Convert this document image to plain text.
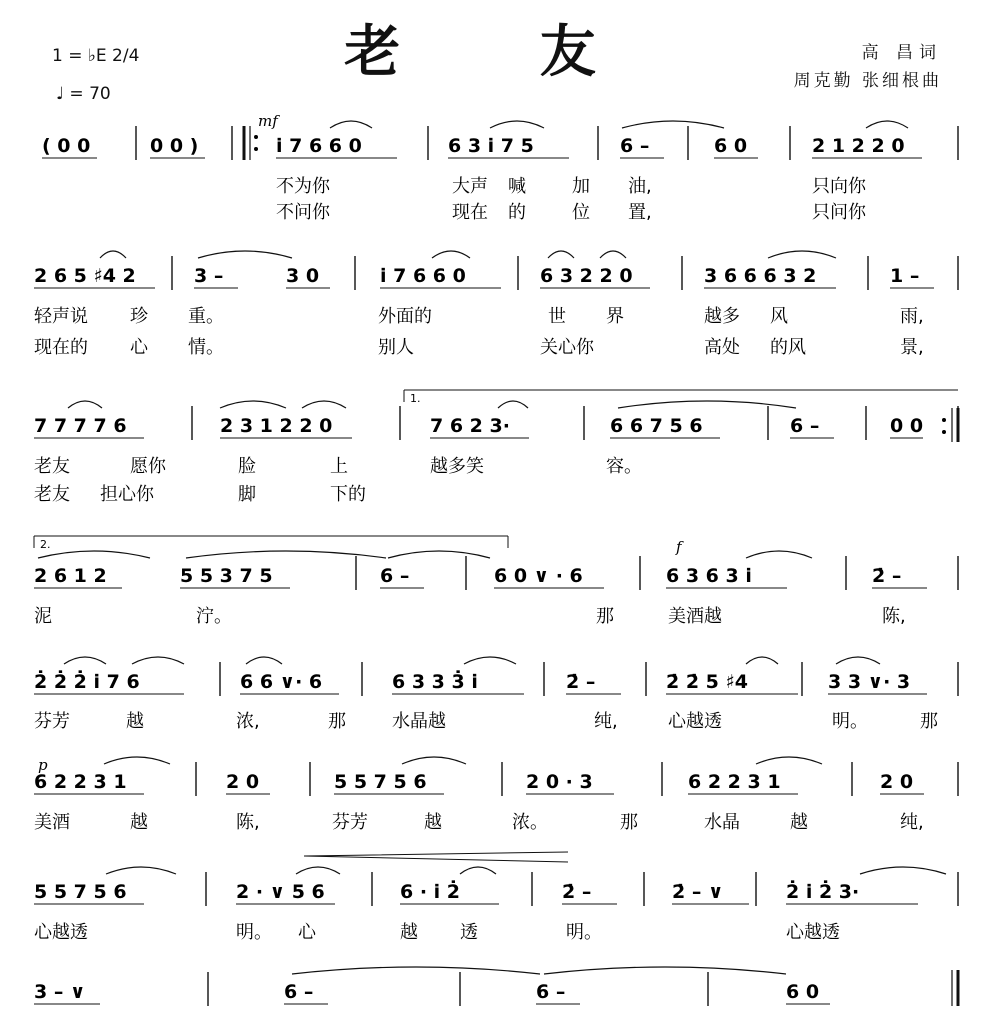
老 友
1 = ♭E 2/4
♩ = 70
高 昌词
周克勤 张细根曲
( 0 0	0 0 )	i̇ 7 6 6 0	6 3 i̇ 7 5	6 –	6 0	2 1 2 2 0
不为你	大声 喊	加 油,	只向你
不问你	现在 的	位 置,	只问你
2 6 5 ♯4 2	3 –	3 0	i̇ 7 6 6 0	6 3 2 2 0	3 6 6 6 3 2	1 –
轻声说 珍 重。	外面的	世 界	越多 风	雨,
现在的 心 情。	别人	关心你	高处 的风	景,
7 7 7 7 6	2 3 1 2 2 0	7 6 2 3·	6 6 7 5 6	6 –	0 0
老友	愿你	脸	上	越多笑	容。
老友 担心你	脚	下的
2 6 1 2	5 5 3 7 5	6 –	6 0 ∨ · 6	6 3 6 3 i̇	2̇ –
泥	泞。	那	美酒越	陈,
2̇ 2̇ 2̇ i̇ 7 6	6 6 ∨· 6	6 3 3 3̇ i̇	2̇ –	2̇ 2̇ 5 ♯4	3 3 ∨· 3
芬芳	越	浓,	那	水晶越	纯,	心越透	明。	那
6 2 2 3 1	2 0	5 5 7 5 6	2 0 · 3	6 2 2 3 1	2 0
美酒	越	陈,	芬芳	越	浓。	那	水晶	越	纯,
5 5 7 5 6	2 · ∨ 5 6	6 · i̇ 2̇	2̇ –	2̇ – ∨	2̇ i̇ 2̇ 3·
心越透	明。 心	越 透	明。	心越透
3 – ∨	6 –	6 –	6 0
1.
2.
mf
f
p
